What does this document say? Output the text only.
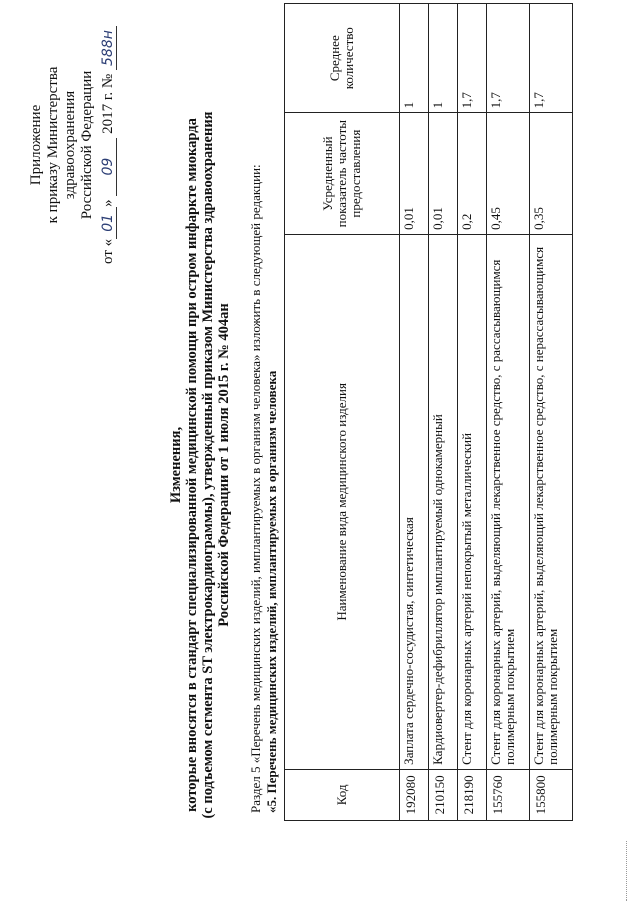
Приложение к приказу Министерства здравоохранения Российской Федерации
от «01» 09 2017 г. № 588н
Изменения, которые вносятся в стандарт специализированной медицинской помощи при остром инфаркте миокарда (с подъемом сегмента ST электрокардиограммы), утвержденный приказом Министерства здравоохранения Российской Федерации от 1 июля 2015 г. № 404ан Раздел 5 «Перечень медицинских изделий, имплантируемых в организм человека» изложить в следующей редакции: «5. Перечень медицинских изделий, имплантируемых в организм человека	Код	Наименование вида медицинского изделия	Усредненный показатель частоты предоставления	Среднее количество
192080	Заплата сердечно-сосудистая, синтетическая	0,01	1
210150	Кардиовертер-дефибриллятор имплантируемый однокамерный	0,01	1
218190	Стент для коронарных артерий непокрытый металлический	0,2	1,7
155760	Стент для коронарных артерий, выделяющий лекарственное средство, с рассасывающимся полимерным покрытием	0,45	1,7
155800	Стент для коронарных артерий, выделяющий лекарственное средство, с нерассасывающимся полимерным покрытием	0,35	1,7
